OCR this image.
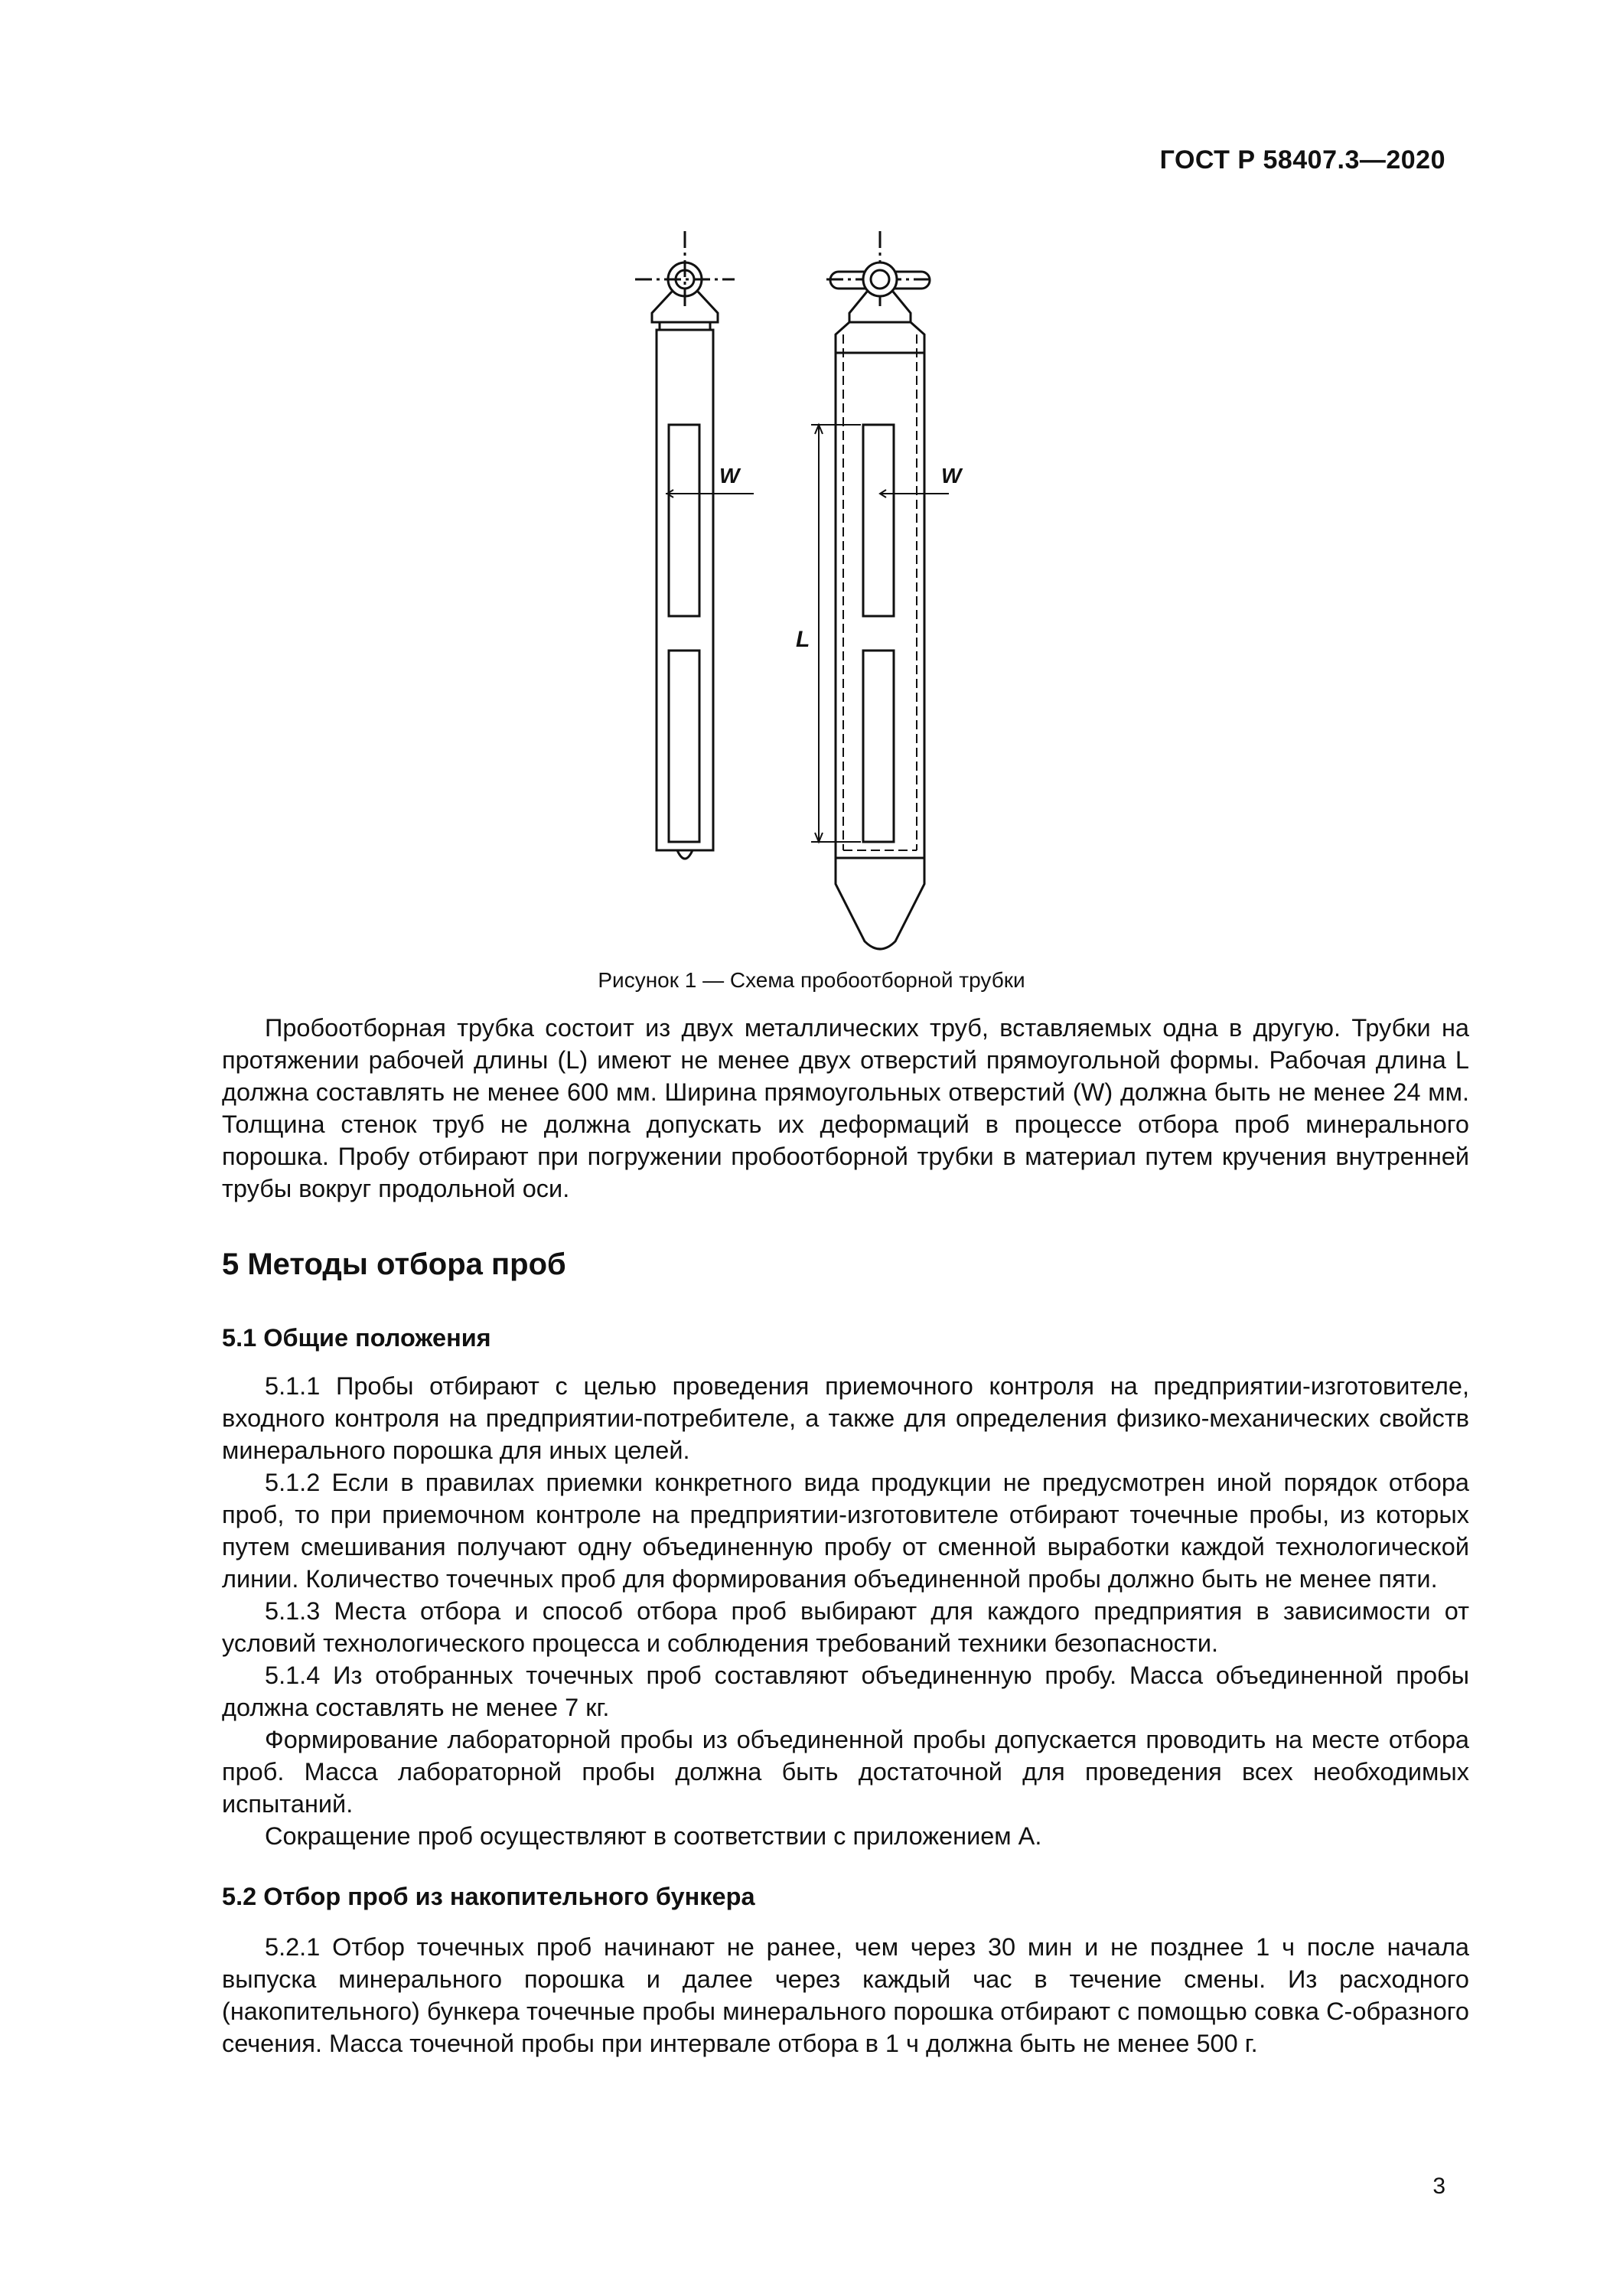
ГОСТ Р 58407.3—2020
W
L
W
Рисунок 1 — Схема пробоотборной трубки

Пробоотборная трубка состоит из двух металлических труб, вставляемых одна в другую. Трубки на протяжении рабочей длины (L) имеют не менее двух отверстий прямоугольной формы. Рабочая длина L должна составлять не менее 600 мм. Ширина прямоугольных отверстий (W) должна быть не менее 24 мм. Толщина стенок труб не должна допускать их деформаций в процессе отбора проб минерального порошка. Пробу отбирают при погружении пробоотборной трубки в материал путем кручения внутренней трубы вокруг продольной оси.

5 Методы отбора проб
5.1 Общие положения

5.1.1 Пробы отбирают с целью проведения приемочного контроля на предприятии-изготовителе, входного контроля на предприятии-потребителе, а также для определения физико-механических свойств минерального порошка для иных целей.

5.1.2 Если в правилах приемки конкретного вида продукции не предусмотрен иной порядок отбора проб, то при приемочном контроле на предприятии-изготовителе отбирают точечные пробы, из которых путем смешивания получают одну объединенную пробу от сменной выработки каждой технологической линии. Количество точечных проб для формирования объединенной пробы должно быть не менее пяти.

5.1.3 Места отбора и способ отбора проб выбирают для каждого предприятия в зависимости от условий технологического процесса и соблюдения требований техники безопасности.

5.1.4 Из отобранных точечных проб составляют объединенную пробу. Масса объединенной пробы должна составлять не менее 7 кг.

Формирование лабораторной пробы из объединенной пробы допускается проводить на месте отбора проб. Масса лабораторной пробы должна быть достаточной для проведения всех необходимых испытаний.

Сокращение проб осуществляют в соответствии с приложением А.

5.2 Отбор проб из накопительного бункера

5.2.1 Отбор точечных проб начинают не ранее, чем через 30 мин и не позднее 1 ч после начала выпуска минерального порошка и далее через каждый час в течение смены. Из расходного (накопительного) бункера точечные пробы минерального порошка отбирают с помощью совка С-образного сечения. Масса точечной пробы при интервале отбора в 1 ч должна быть не менее 500 г.

3
